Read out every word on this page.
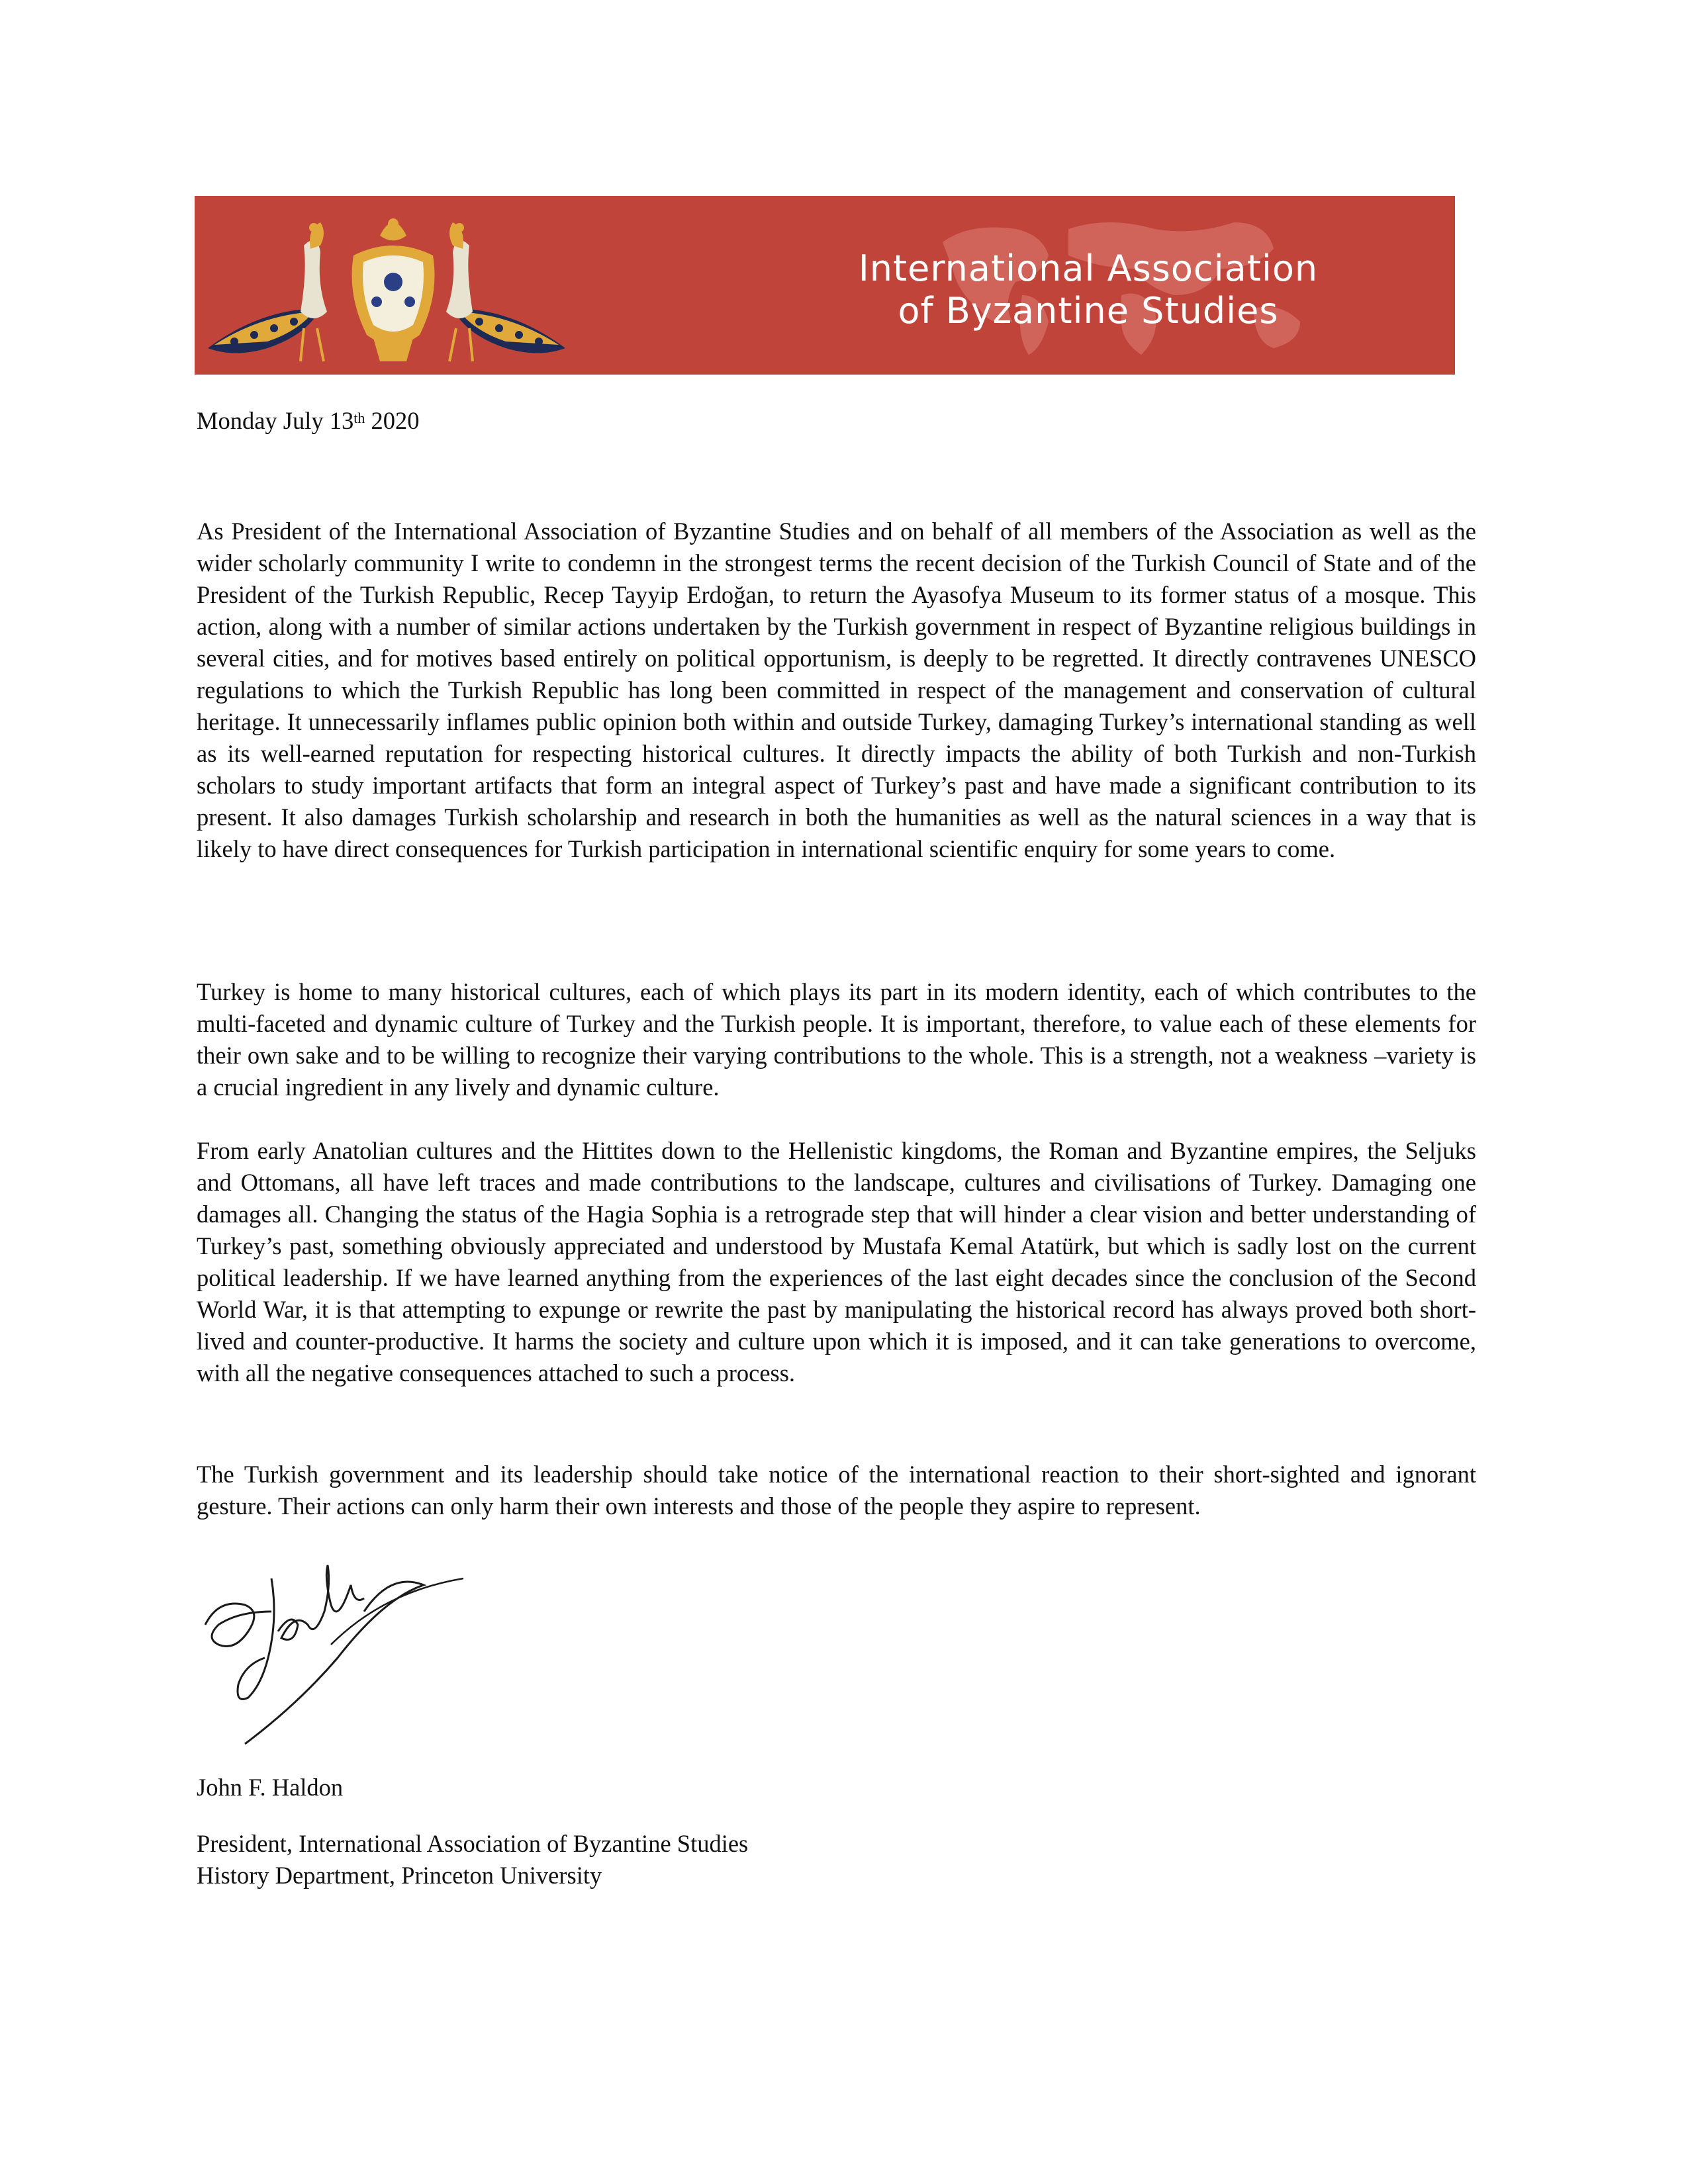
International Association
of Byzantine Studies
Monday July 13th 2020

As President of the International Association of Byzantine Studies and on behalf of all members of the Association as well as the wider scholarly community I write to condemn in the strongest terms the recent decision of the Turkish Council of State and of the President of the Turkish Republic, Recep Tayyip Erdoğan, to return the Ayasofya Museum to its former status of a mosque. This action, along with a number of similar actions undertaken by the Turkish government in respect of Byzantine religious buildings in several cities, and for motives based entirely on political opportunism, is deeply to be regretted. It directly contravenes UNESCO regulations to which the Turkish Republic has long been committed in respect of the management and conservation of cultural heritage. It unnecessarily inflames public opinion both within and outside Turkey, damaging Turkey’s international standing as well as its well-earned reputation for respecting historical cultures. It directly impacts the ability of both Turkish and non-Turkish scholars to study important artifacts that form an integral aspect of Turkey’s past and have made a significant contribution to its present. It also damages Turkish scholarship and research in both the humanities as well as the natural sciences in a way that is likely to have direct consequences for Turkish participation in international scientific enquiry for some years to come.

Turkey is home to many historical cultures, each of which plays its part in its modern identity, each of which contributes to the multi-faceted and dynamic culture of Turkey and the Turkish people. It is important, therefore, to value each of these elements for their own sake and to be willing to recognize their varying contributions to the whole. This is a strength, not a weakness –variety is a crucial ingredient in any lively and dynamic culture.

From early Anatolian cultures and the Hittites down to the Hellenistic kingdoms, the Roman and Byzantine empires, the Seljuks and Ottomans, all have left traces and made contributions to the landscape, cultures and civilisations of Turkey. Damaging one damages all. Changing the status of the Hagia Sophia is a retrograde step that will hinder a clear vision and better understanding of Turkey’s past, something obviously appreciated and understood by Mustafa Kemal Atatürk, but which is sadly lost on the current political leadership. If we have learned anything from the experiences of the last eight decades since the conclusion of the Second World War, it is that attempting to expunge or rewrite the past by manipulating the historical record has always proved both short-lived and counter-productive. It harms the society and culture upon which it is imposed, and it can take generations to overcome, with all the negative consequences attached to such a process.

The Turkish government and its leadership should take notice of the international reaction to their short-sighted and ignorant gesture. Their actions can only harm their own interests and those of the people they aspire to represent.

John F. Haldon
President, International Association of Byzantine Studies
History Department, Princeton University
